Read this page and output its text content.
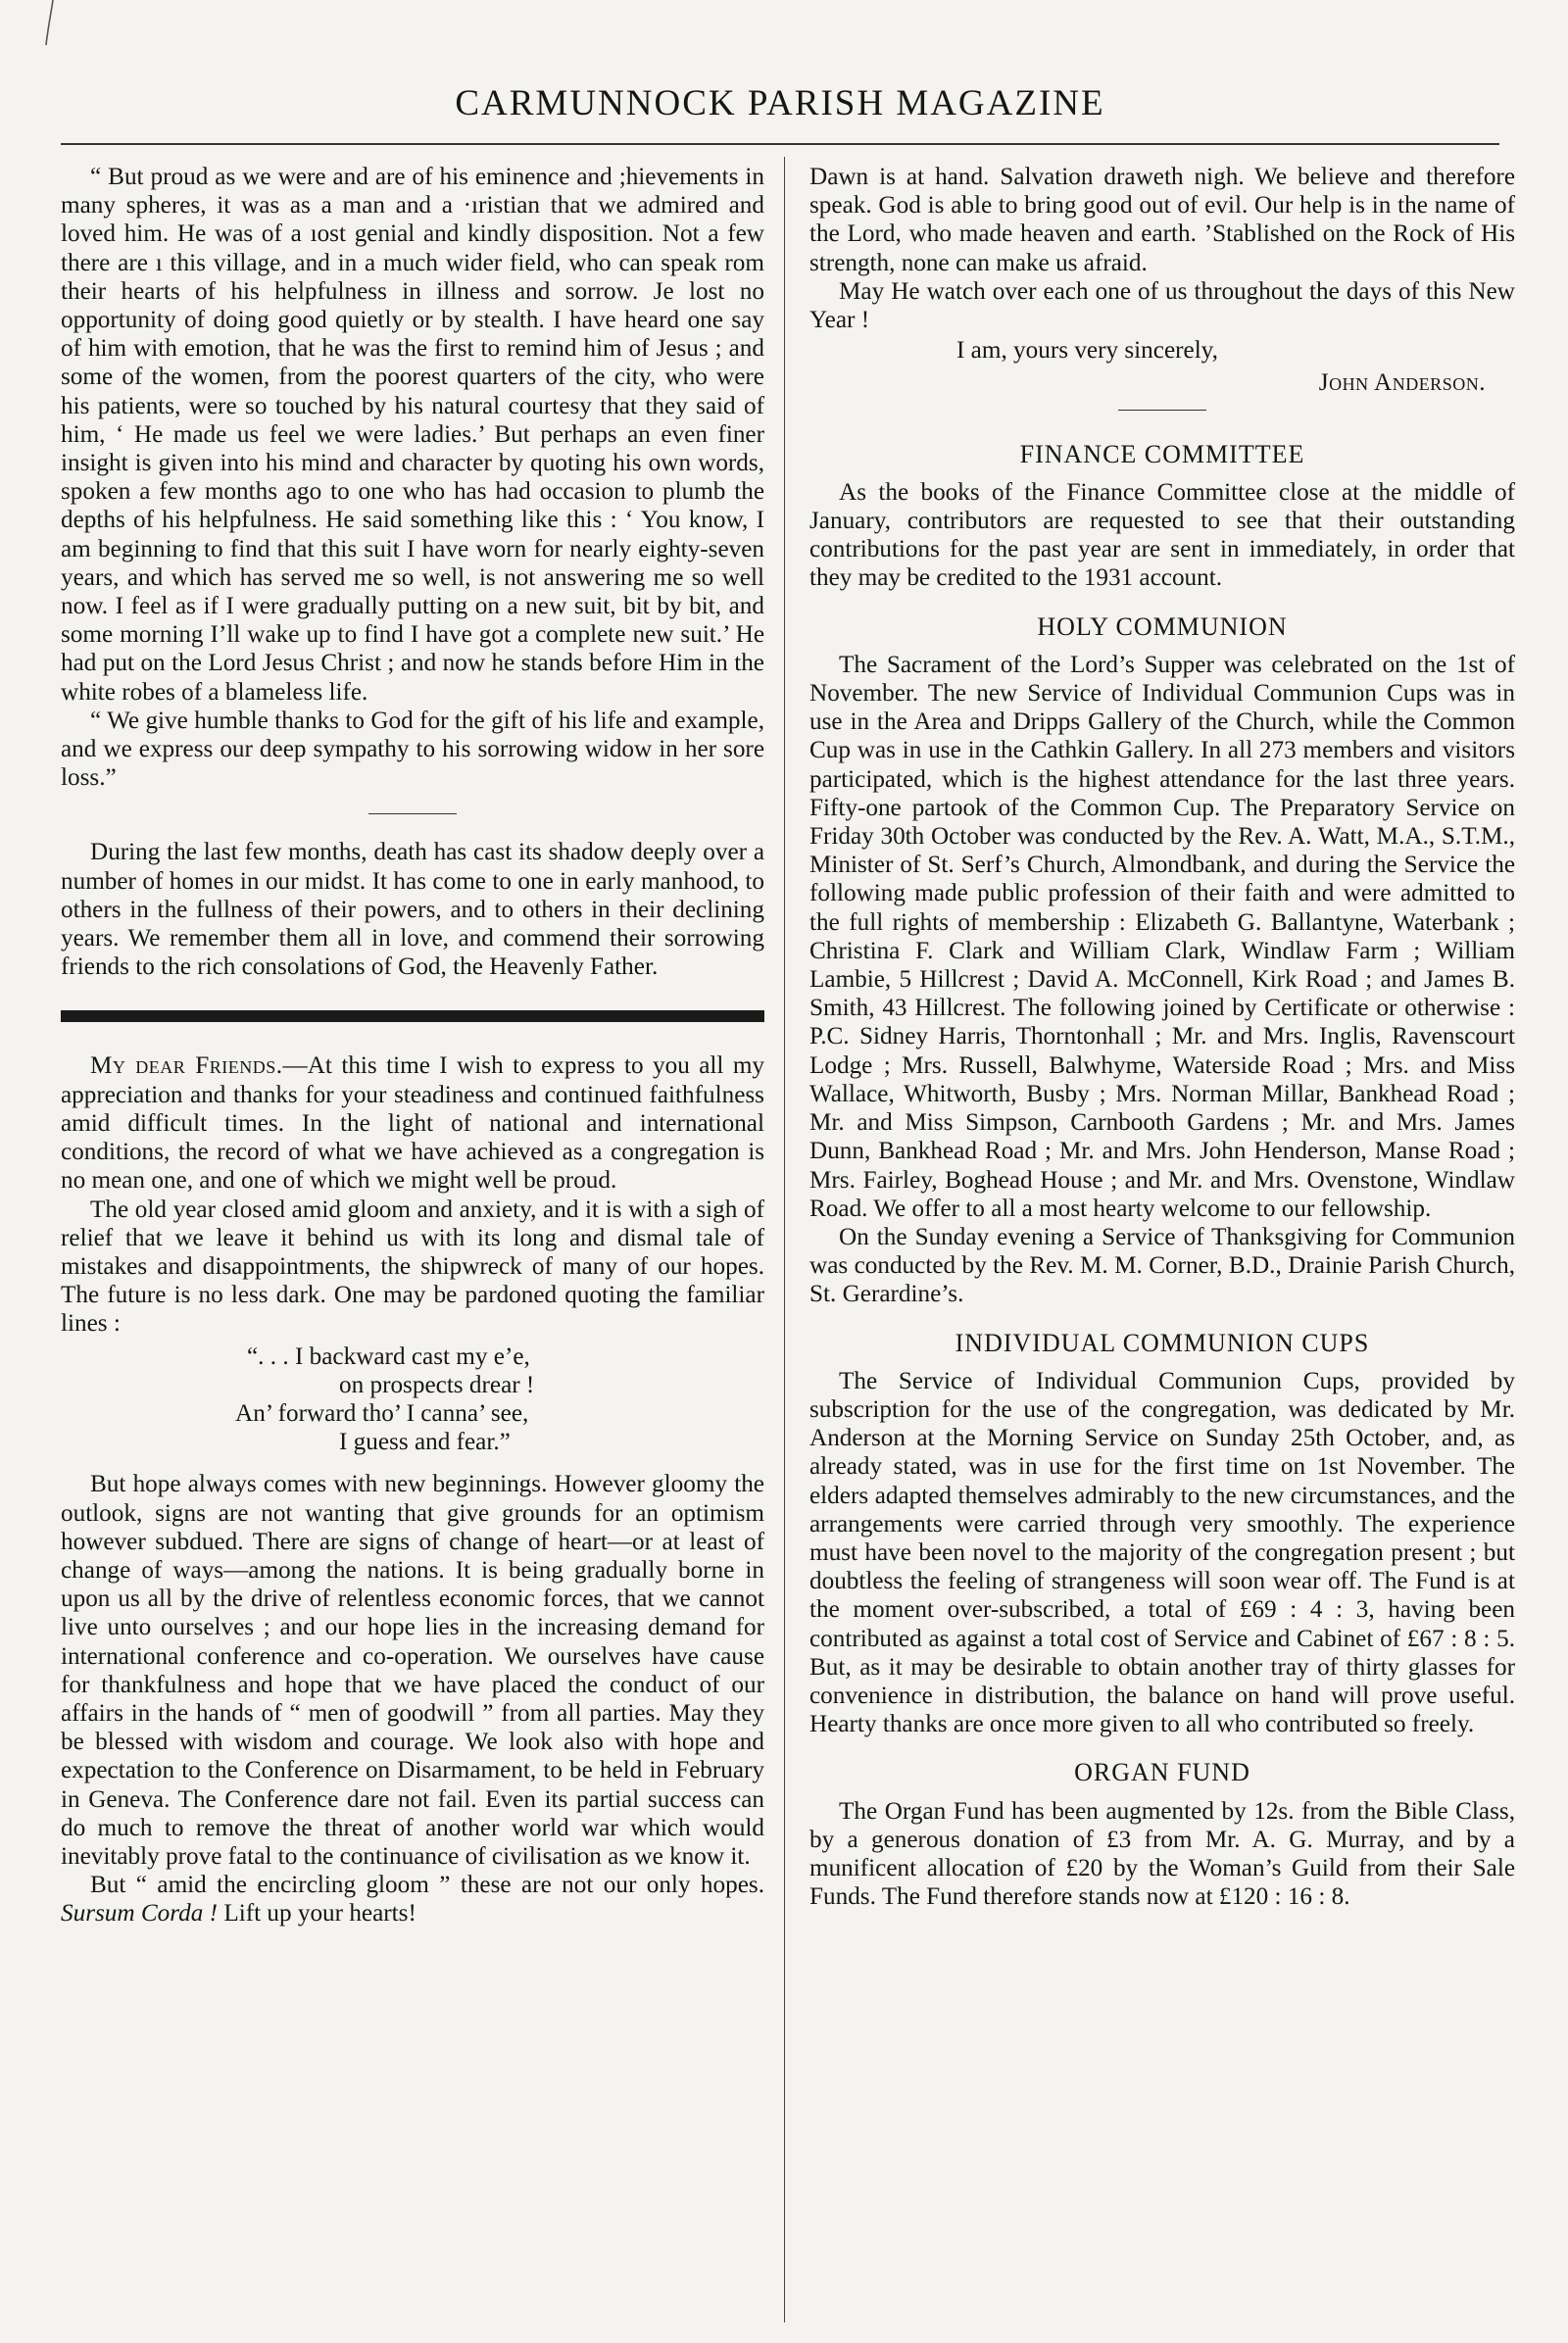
CARMUNNOCK PARISH MAGAZINE

“ But proud as we were and are of his eminence and ;hievements in many spheres, it was as a man and a ·ıristian that we admired and loved him. He was of a ıost genial and kindly disposition. Not a few there are ı this village, and in a much wider field, who can speak rom their hearts of his helpfulness in illness and sorrow. Je lost no opportunity of doing good quietly or by stealth. I have heard one say of him with emotion, that he was the first to remind him of Jesus ; and some of the women, from the poorest quarters of the city, who were his patients, were so touched by his natural courtesy that they said of him, ‘ He made us feel we were ladies.’ But perhaps an even finer insight is given into his mind and character by quoting his own words, spoken a few months ago to one who has had occasion to plumb the depths of his helpfulness. He said something like this : ‘ You know, I am beginning to find that this suit I have worn for nearly eighty-seven years, and which has served me so well, is not answering me so well now. I feel as if I were gradually putting on a new suit, bit by bit, and some morning I’ll wake up to find I have got a complete new suit.’ He had put on the Lord Jesus Christ ; and now he stands before Him in the white robes of a blameless life.

“ We give humble thanks to God for the gift of his life and example, and we express our deep sympathy to his sorrowing widow in her sore loss.”

During the last few months, death has cast its shadow deeply over a number of homes in our midst. It has come to one in early manhood, to others in the fullness of their powers, and to others in their declining years. We remember them all in love, and commend their sorrowing friends to the rich consolations of God, the Heavenly Father.

My dear Friends.—At this time I wish to express to you all my appreciation and thanks for your steadiness and continued faithfulness amid difficult times. In the light of national and international conditions, the record of what we have achieved as a congregation is no mean one, and one of which we might well be proud.

The old year closed amid gloom and anxiety, and it is with a sigh of relief that we leave it behind us with its long and dismal tale of mistakes and disappointments, the shipwreck of many of our hopes. The future is no less dark. One may be pardoned quoting the familiar lines :

“. . . I backward cast my e’e,
on prospects drear !
An’ forward tho’ I canna’ see,
I guess and fear.”

But hope always comes with new beginnings. However gloomy the outlook, signs are not wanting that give grounds for an optimism however subdued. There are signs of change of heart—or at least of change of ways—among the nations. It is being gradually borne in upon us all by the drive of relentless economic forces, that we cannot live unto ourselves ; and our hope lies in the increasing demand for international conference and co-operation. We ourselves have cause for thankfulness and hope that we have placed the conduct of our affairs in the hands of “ men of goodwill ” from all parties. May they be blessed with wisdom and courage. We look also with hope and expectation to the Conference on Disarmament, to be held in February in Geneva. The Conference dare not fail. Even its partial success can do much to remove the threat of another world war which would inevitably prove fatal to the continuance of civilisation as we know it.

But “ amid the encircling gloom ” these are not our only hopes. Sursum Corda ! Lift up your hearts!

Dawn is at hand. Salvation draweth nigh. We believe and therefore speak. God is able to bring good out of evil. Our help is in the name of the Lord, who made heaven and earth. ’Stablished on the Rock of His strength, none can make us afraid.

May He watch over each one of us throughout the days of this New Year !

I am, yours very sincerely,
John Anderson.
FINANCE COMMITTEE

As the books of the Finance Committee close at the middle of January, contributors are requested to see that their outstanding contributions for the past year are sent in immediately, in order that they may be credited to the 1931 account.

HOLY COMMUNION

The Sacrament of the Lord’s Supper was celebrated on the 1st of November. The new Service of Individual Communion Cups was in use in the Area and Dripps Gallery of the Church, while the Common Cup was in use in the Cathkin Gallery. In all 273 members and visitors participated, which is the highest attendance for the last three years. Fifty-one partook of the Common Cup. The Preparatory Service on Friday 30th October was conducted by the Rev. A. Watt, M.A., S.T.M., Minister of St. Serf’s Church, Almondbank, and during the Service the following made public profession of their faith and were admitted to the full rights of membership : Elizabeth G. Ballantyne, Waterbank ; Christina F. Clark and William Clark, Windlaw Farm ; William Lambie, 5 Hillcrest ; David A. McConnell, Kirk Road ; and James B. Smith, 43 Hillcrest. The following joined by Certificate or otherwise : P.C. Sidney Harris, Thorntonhall ; Mr. and Mrs. Inglis, Ravenscourt Lodge ; Mrs. Russell, Balwhyme, Waterside Road ; Mrs. and Miss Wallace, Whitworth, Busby ; Mrs. Norman Millar, Bankhead Road ; Mr. and Miss Simpson, Carnbooth Gardens ; Mr. and Mrs. James Dunn, Bankhead Road ; Mr. and Mrs. John Henderson, Manse Road ; Mrs. Fairley, Boghead House ; and Mr. and Mrs. Ovenstone, Windlaw Road. We offer to all a most hearty welcome to our fellowship.

On the Sunday evening a Service of Thanksgiving for Communion was conducted by the Rev. M. M. Corner, B.D., Drainie Parish Church, St. Gerardine’s.

INDIVIDUAL COMMUNION CUPS

The Service of Individual Communion Cups, provided by subscription for the use of the congregation, was dedicated by Mr. Anderson at the Morning Service on Sunday 25th October, and, as already stated, was in use for the first time on 1st November. The elders adapted themselves admirably to the new circumstances, and the arrangements were carried through very smoothly. The experience must have been novel to the majority of the congregation present ; but doubtless the feeling of strangeness will soon wear off. The Fund is at the moment over-subscribed, a total of £69 : 4 : 3, having been contributed as against a total cost of Service and Cabinet of £67 : 8 : 5. But, as it may be desirable to obtain another tray of thirty glasses for convenience in distribution, the balance on hand will prove useful. Hearty thanks are once more given to all who contributed so freely.

ORGAN FUND

The Organ Fund has been augmented by 12s. from the Bible Class, by a generous donation of £3 from Mr. A. G. Murray, and by a munificent allocation of £20 by the Woman’s Guild from their Sale Funds. The Fund therefore stands now at £120 : 16 : 8.
